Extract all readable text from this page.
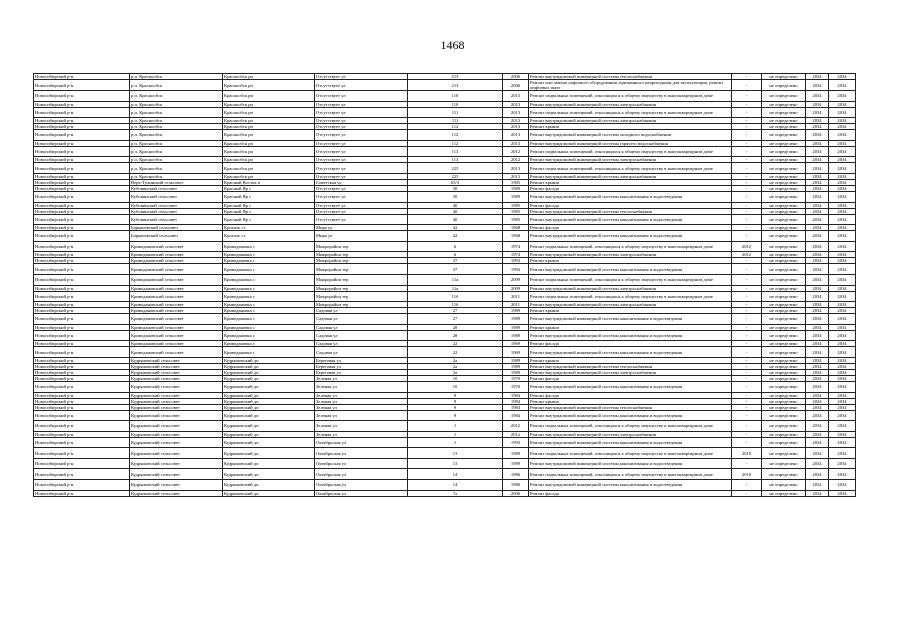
1468
Новосибирский р-н	р.п. Краснообск	Краснообск рп	Отсутствует ул	213	2006	Ремонт внутридомовой инженерной системы теплоснабжения	-	не определено	2034	2034
Новосибирский р-н	р.п. Краснообск	Краснообск рп	Отсутствует ул	213	2006	Ремонт или замена лифтового оборудования, признанного непригодным для эксплуатации, ремонт лифтовых шахт	-	не определено	2034	2034
Новосибирский р-н	р.п. Краснообск	Краснообск рп	Отсутствует ул	110	2013	Ремонт подвальных помещений, относящихся к общему имуществу в многоквартирном доме	-	не определено	2034	2034
Новосибирский р-н	р.п. Краснообск	Краснообск рп	Отсутствует ул	110	2013	Ремонт внутридомовой инженерной системы электроснабжения	-	не определено	2034	2034
Новосибирский р-н	р.п. Краснообск	Краснообск рп	Отсутствует ул	111	2013	Ремонт подвальных помещений, относящихся к общему имуществу в многоквартирном доме	-	не определено	2034	2034
Новосибирский р-н	р.п. Краснообск	Краснообск рп	Отсутствует ул	111	2013	Ремонт внутридомовой инженерной системы электроснабжения	-	не определено	2034	2034
Новосибирский р-н	р.п. Краснообск	Краснообск рп	Отсутствует ул	112	2013	Ремонт крыши	-	не определено	2034	2034
Новосибирский р-н	р.п. Краснообск	Краснообск рп	Отсутствует ул	112	2013	Ремонт внутридомовой инженерной системы холодного водоснабжения	-	не определено	2034	2034
Новосибирский р-н	р.п. Краснообск	Краснообск рп	Отсутствует ул	112	2013	Ремонт внутридомовой инженерной системы горячего водоснабжения	-	не определено	2034	2034
Новосибирский р-н	р.п. Краснообск	Краснообск рп	Отсутствует ул	113	2012	Ремонт подвальных помещений, относящихся к общему имуществу в многоквартирном доме	-	не определено	2034	2034
Новосибирский р-н	р.п. Краснообск	Краснообск рп	Отсутствует ул	113	2012	Ремонт внутридомовой инженерной системы электроснабжения	-	не определено	2034	2034
Новосибирский р-н	р.п. Краснообск	Краснообск рп	Отсутствует ул	225	2013	Ремонт подвальных помещений, относящихся к общему имуществу в многоквартирном доме	-	не определено	2034	2034
Новосибирский р-н	р.п. Краснообск	Краснообск рп	Отсутствует ул	225	2013	Ремонт внутридомовой инженерной системы электроснабжения	-	не определено	2034	2034
Новосибирский р-н	Верх-Тулинский сельсовет	Красный Восток п	Советская ул	65/3	1985	Ремонт крыши	-	не определено	2034	2034
Новосибирский р-н	Кубовинский сельсовет	Красный Яр с	Отсутствует ул	30	1989	Ремонт фасада	-	не определено	2034	2034
Новосибирский р-н	Кубовинский сельсовет	Красный Яр с	Отсутствует ул	30	1989	Ремонт внутридомовой инженерной системы канализования и водоотведения	-	не определено	2034	2034
Новосибирский р-н	Кубовинский сельсовет	Красный Яр с	Отсутствует ул	40	1985	Ремонт фасада	-	не определено	2034	2034
Новосибирский р-н	Кубовинский сельсовет	Красный Яр с	Отсутствует ул	40	1985	Ремонт внутридомовой инженерной системы теплоснабжения	-	не определено	2034	2034
Новосибирский р-н	Кубовинский сельсовет	Красный Яр с	Отсутствует ул	40	1985	Ремонт внутридомовой инженерной системы канализования и водоотведения	-	не определено	2034	2034
Новосибирский р-н	Барышевский сельсовет	Крохаль ст	Мира ул	42	1968	Ремонт фасада	-	не определено	2034	2034
Новосибирский р-н	Барышевский сельсовет	Крохаль ст	Мира ул	42	1968	Ремонт внутридомовой инженерной системы канализования и водоотведения	-	не определено	2034	2034
Новосибирский р-н	Криводановский сельсовет	Криводановка с	Микрорайон тер	6	1974	Ремонт подвальных помещений, относящихся к общему имуществу в многоквартирном доме	2012	не определено	2034	2034
Новосибирский р-н	Криводановский сельсовет	Криводановка с	Микрорайон тер	6	1974	Ремонт внутридомовой инженерной системы электроснабжения	2012	не определено	2034	2034
Новосибирский р-н	Криводановский сельсовет	Криводановка с	Микрорайон тер	37	1993	Ремонт крыши	-	не определено	2034	2034
Новосибирский р-н	Криводановский сельсовет	Криводановка с	Микрорайон тер	37	1993	Ремонт внутридомовой инженерной системы канализования и водоотведения	-	не определено	2034	2034
Новосибирский р-н	Криводановский сельсовет	Криводановка с	Микрорайон тер	11а	2009	Ремонт подвальных помещений, относящихся к общему имуществу в многоквартирном доме	-	не определено	2034	2034
Новосибирский р-н	Криводановский сельсовет	Криводановка с	Микрорайон тер	11а	2009	Ремонт внутридомовой инженерной системы электроснабжения	-	не определено	2034	2034
Новосибирский р-н	Криводановский сельсовет	Криводановка с	Микрорайон тер	11б	2011	Ремонт подвальных помещений, относящихся к общему имуществу в многоквартирном доме	-	не определено	2034	2034
Новосибирский р-н	Криводановский сельсовет	Криводановка с	Микрорайон тер	11б	2011	Ремонт внутридомовой инженерной системы электроснабжения	-	не определено	2034	2034
Новосибирский р-н	Криводановский сельсовет	Криводановка с	Садовая ул	27	1989	Ремонт крыши	-	не определено	2034	2034
Новосибирский р-н	Криводановский сельсовет	Криводановка с	Садовая ул	27	1989	Ремонт внутридомовой инженерной системы канализования и водоотведения	-	не определено	2034	2034
Новосибирский р-н	Криводановский сельсовет	Криводановка с	Садовая ул	28	1989	Ремонт крыши	-	не определено	2034	2034
Новосибирский р-н	Криводановский сельсовет	Криводановка с	Садовая ул	28	1989	Ремонт внутридомовой инженерной системы канализования и водоотведения	-	не определено	2034	2034
Новосибирский р-н	Криводановский сельсовет	Криводановка с	Садовая ул	22	1969	Ремонт фасада	-	не определено	2034	2034
Новосибирский р-н	Криводановский сельсовет	Криводановка с	Садовая ул	22	1969	Ремонт внутридомовой инженерной системы канализования и водоотведения	-	не определено	2034	2034
Новосибирский р-н	Кудряшовский сельсовет	Кудряшовский дп	Береговая ул	2а	1989	Ремонт крыши	-	не определено	2034	2034
Новосибирский р-н	Кудряшовский сельсовет	Кудряшовский дп	Береговая ул	2а	1989	Ремонт внутридомовой инженерной системы теплоснабжения	-	не определено	2034	2034
Новосибирский р-н	Кудряшовский сельсовет	Кудряшовский дп	Береговая ул	2а	1989	Ремонт внутридомовой инженерной системы электроснабжения	-	не определено	2034	2034
Новосибирский р-н	Кудряшовский сельсовет	Кудряшовский дп	Зеленая ул	10	1970	Ремонт фасада	-	не определено	2034	2034
Новосибирский р-н	Кудряшовский сельсовет	Кудряшовский дп	Зеленая ул	10	1970	Ремонт внутридомовой инженерной системы канализования и водоотведения	-	не определено	2034	2034
Новосибирский р-н	Кудряшовский сельсовет	Кудряшовский дп	Зеленая ул	9	1984	Ремонт фасада	-	не определено	2034	2034
Новосибирский р-н	Кудряшовский сельсовет	Кудряшовский дп	Зеленая ул	9	1984	Ремонт крыши	-	не определено	2034	2034
Новосибирский р-н	Кудряшовский сельсовет	Кудряшовский дп	Зеленая ул	9	1984	Ремонт внутридомовой инженерной системы теплоснабжения	-	не определено	2034	2034
Новосибирский р-н	Кудряшовский сельсовет	Кудряшовский дп	Зеленая ул	9	1984	Ремонт внутридомовой инженерной системы канализования и водоотведения	-	не определено	2034	2034
Новосибирский р-н	Кудряшовский сельсовет	Кудряшовский дп	Зеленая ул	1	2012	Ремонт подвальных помещений, относящихся к общему имуществу в многоквартирном доме	-	не определено	2034	2034
Новосибирский р-н	Кудряшовский сельсовет	Кудряшовский дп	Зеленая ул	1	2012	Ремонт внутридомовой инженерной системы электроснабжения	-	не определено	2034	2034
Новосибирский р-н	Кудряшовский сельсовет	Кудряшовский дп	Октябрьская ул	1	1993	Ремонт внутридомовой инженерной системы канализования и водоотведения	-	не определено	2034	2034
Новосибирский р-н	Кудряшовский сельсовет	Кудряшовский дп	Октябрьская ул	13	1989	Ремонт подвальных помещений, относящихся к общему имуществу в многоквартирном доме	2010	не определено	2034	2034
Новосибирский р-н	Кудряшовский сельсовет	Кудряшовский дп	Октябрьская ул	13	1989	Ремонт внутридомовой инженерной системы канализования и водоотведения	-	не определено	2034	2034
Новосибирский р-н	Кудряшовский сельсовет	Кудряшовский дп	Октябрьская ул	14	1986	Ремонт подвальных помещений, относящихся к общему имуществу в многоквартирном доме	2010	не определено	2034	2034
Новосибирский р-н	Кудряшовский сельсовет	Кудряшовский дп	Октябрьская ул	14	1986	Ремонт внутридомовой инженерной системы канализования и водоотведения	-	не определено	2034	2034
Новосибирский р-н	Кудряшовский сельсовет	Кудряшовский дп	Октябрьская ул	7а	2006	Ремонт фасада	-	не определено	2034	2034
